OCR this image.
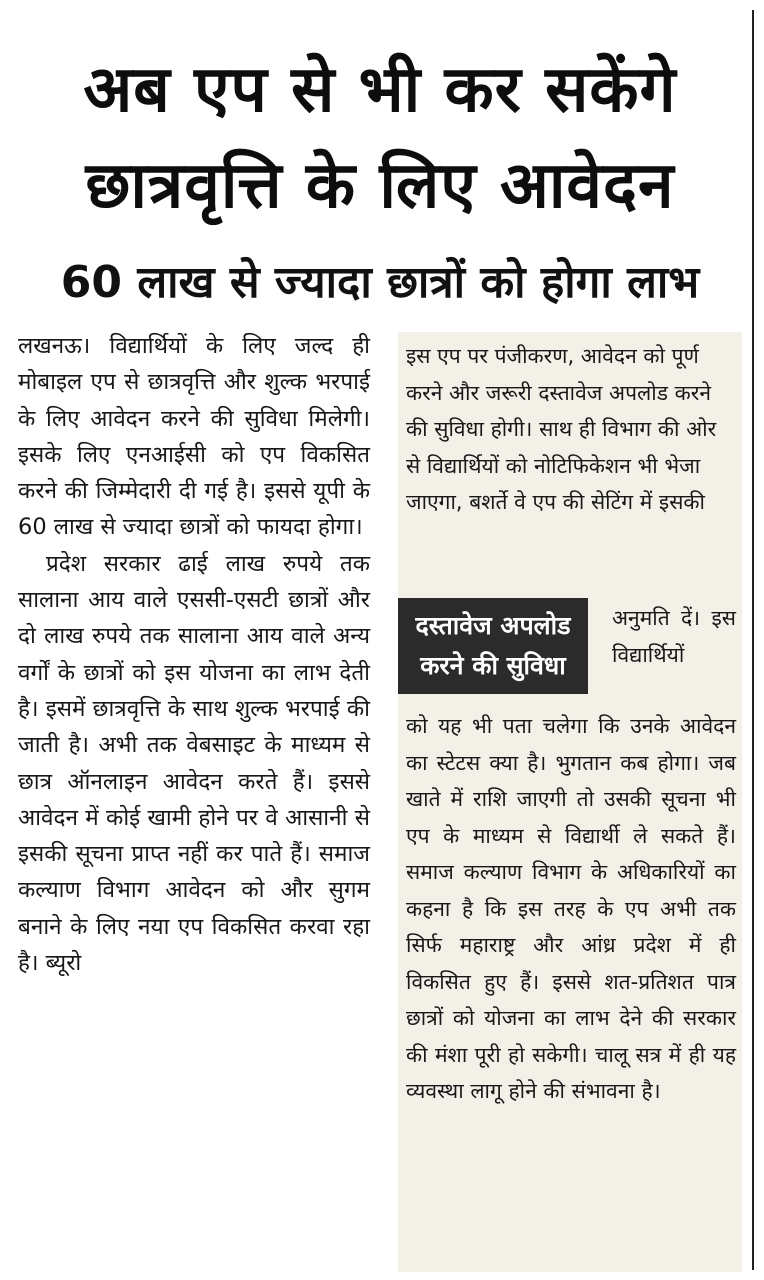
अब एप से भी कर सकेंगे
छात्रवृत्ति के लिए आवेदन
60 लाख से ज्यादा छात्रों को होगा लाभ

लखनऊ। विद्यार्थियों के लिए जल्द ही मोबाइल एप से छात्रवृत्ति और शुल्क भरपाई के लिए आवेदन करने की सुविधा मिलेगी। इसके लिए एनआईसी को एप विकसित करने की जिम्मेदारी दी गई है। इससे यूपी के 60 लाख से ज्यादा छात्रों को फायदा होगा।

प्रदेश सरकार ढाई लाख रुपये तक सालाना आय वाले एससी-एसटी छात्रों और दो लाख रुपये तक सालाना आय वाले अन्य वर्गों के छात्रों को इस योजना का लाभ देती है। इसमें छात्रवृत्ति के साथ शुल्क भरपाई की जाती है। अभी तक वेबसाइट के माध्यम से छात्र ऑनलाइन आवेदन करते हैं। इससे आवेदन में कोई खामी होने पर वे आसानी से इसकी सूचना प्राप्त नहीं कर पाते हैं। समाज कल्याण विभाग आवेदन को और सुगम बनाने के लिए नया एप विकसित करवा रहा है। ब्यूरो

इस एप पर पंजीकरण, आवेदन को पूर्ण करने और जरूरी दस्तावेज अपलोड करने की सुविधा होगी। साथ ही विभाग की ओर से विद्यार्थियों को नोटिफिकेशन भी भेजा जाएगा, बशर्ते वे एप की सेटिंग में इसकी

दस्तावेज अपलोड
करने की सुविधा

अनुमति दें। इस विद्यार्थियों

को यह भी पता चलेगा कि उनके आवेदन का स्टेटस क्या है। भुगतान कब होगा। जब खाते में राशि जाएगी तो उसकी सूचना भी एप के माध्यम से विद्यार्थी ले सकते हैं। समाज कल्याण विभाग के अधिकारियों का कहना है कि इस तरह के एप अभी तक सिर्फ महाराष्ट्र और आंध्र प्रदेश में ही विकसित हुए हैं। इससे शत-प्रतिशत पात्र छात्रों को योजना का लाभ देने की सरकार की मंशा पूरी हो सकेगी। चालू सत्र में ही यह व्यवस्था लागू होने की संभावना है।
